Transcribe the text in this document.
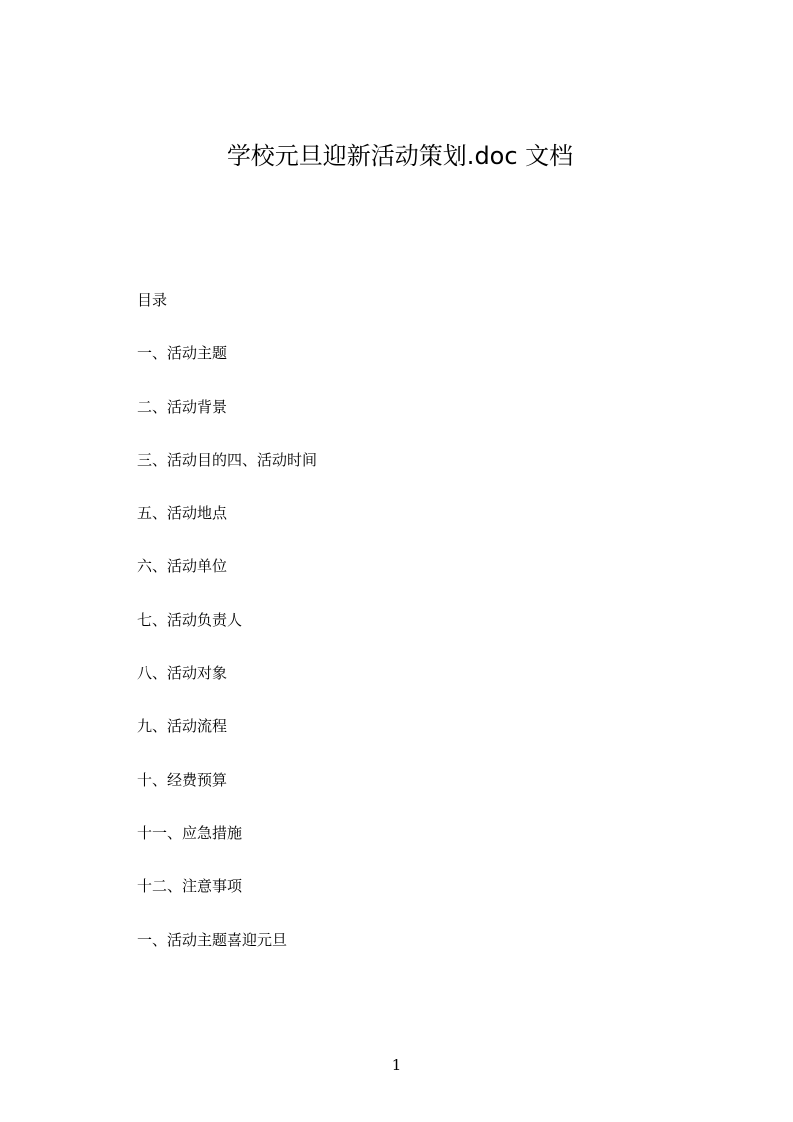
学校元旦迎新活动策划.doc 文档
目录
一、活动主题
二、活动背景
三、活动目的四、活动时间
五、活动地点
六、活动单位
七、活动负责人
八、活动对象
九、活动流程
十、经费预算
十一、应急措施
十二、注意事项
一、活动主题喜迎元旦
1
